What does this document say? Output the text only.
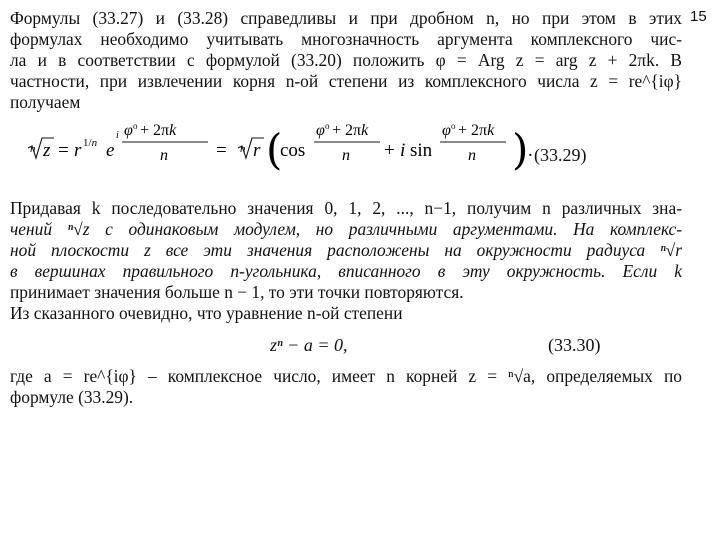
15
Формулы (33.27) и (33.28) справедливы и при дробном n, но при этом в этих
формулах необходимо учитывать многозначность аргумента комплексного чис-
ла и в соответствии с формулой (33.20) положить φ = Arg z = arg z + 2πk. В
частности, при извлечении корня n-ой степени из комплексного числа z = re^{iφ}
получаем
n z = r 1/n e
i φ o + 2πk
n	= n r (
cos
φ o + 2πk
n + i sin
φ o + 2πk
n ) . (33.29)
Придавая k последовательно значения 0, 1, 2, ..., n−1, получим n различных зна-
чений ⁿ√z с одинаковым модулем, но различными аргументами. На комплекс-
ной плоскости z все эти значения расположены на окружности радиуса ⁿ√r
в вершинах правильного n-угольника, вписанного в эту окружность. Если k
принимает значения больше n − 1, то эти точки повторяются.
Из сказанного очевидно, что уравнение n-ой степени
zⁿ − a = 0,	(33.30)
где a = re^{iφ} – комплексное число, имеет n корней z = ⁿ√a, определяемых по
формуле (33.29).
